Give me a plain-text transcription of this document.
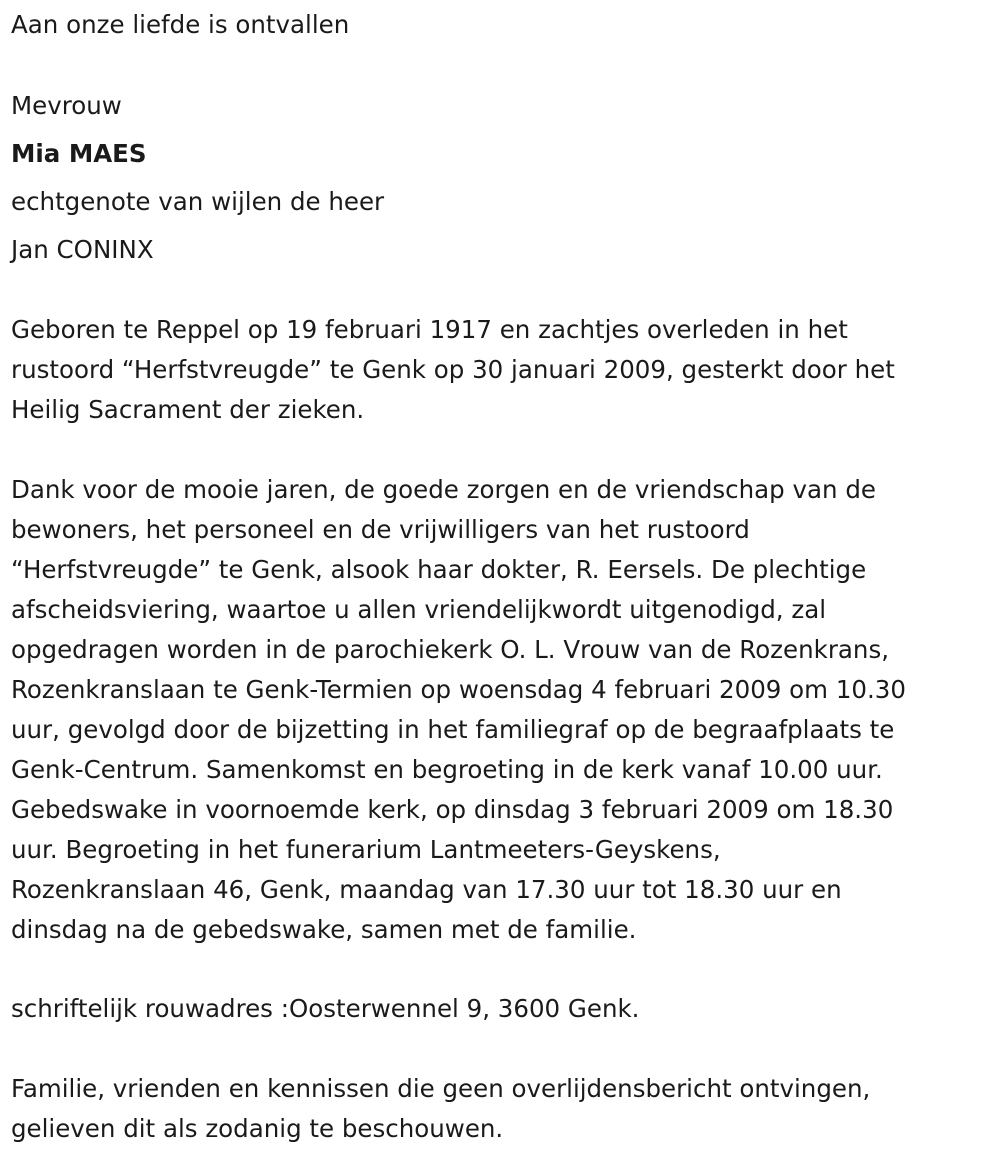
Aan onze liefde is ontvallen
Mevrouw
Mia MAES
echtgenote van wijlen de heer
Jan CONINX
Geboren te Reppel op 19 februari 1917 en zachtjes overleden in het
rustoord “Herfstvreugde” te Genk op 30 januari 2009, gesterkt door het
Heilig Sacrament der zieken.
Dank voor de mooie jaren, de goede zorgen en de vriendschap van de
bewoners, het personeel en de vrijwilligers van het rustoord
“Herfstvreugde” te Genk, alsook haar dokter, R. Eersels. De plechtige
afscheidsviering, waartoe u allen vriendelijkwordt uitgenodigd, zal
opgedragen worden in de parochiekerk O. L. Vrouw van de Rozenkrans,
Rozenkranslaan te Genk-Termien op woensdag 4 februari 2009 om 10.30
uur, gevolgd door de bijzetting in het familiegraf op de begraafplaats te
Genk-Centrum. Samenkomst en begroeting in de kerk vanaf 10.00 uur.
Gebedswake in voornoemde kerk, op dinsdag 3 februari 2009 om 18.30
uur. Begroeting in het funerarium Lantmeeters-Geyskens,
Rozenkranslaan 46, Genk, maandag van 17.30 uur tot 18.30 uur en
dinsdag na de gebedswake, samen met de familie.
schriftelijk rouwadres :Oosterwennel 9, 3600 Genk.
Familie, vrienden en kennissen die geen overlijdensbericht ontvingen,
gelieven dit als zodanig te beschouwen.
